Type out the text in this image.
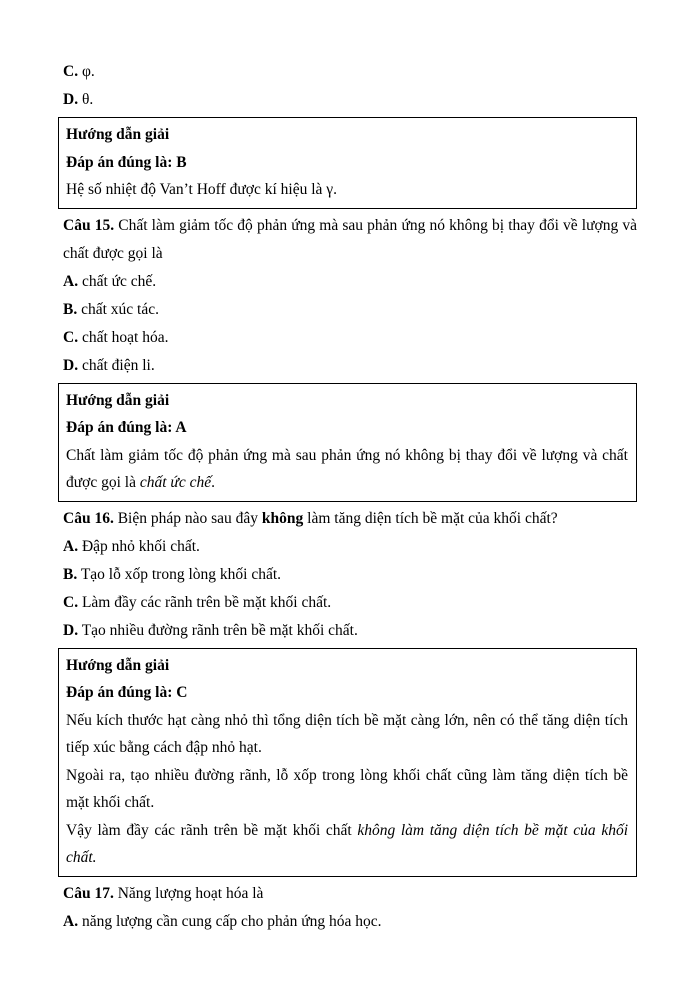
C. φ.

D. θ.

Hướng dẫn giải

Đáp án đúng là: B

Hệ số nhiệt độ Van’t Hoff được kí hiệu là γ.

Câu 15. Chất làm giảm tốc độ phản ứng mà sau phản ứng nó không bị thay đổi về lượng và chất được gọi là

A. chất ức chế.

B. chất xúc tác.

C. chất hoạt hóa.

D. chất điện li.

Hướng dẫn giải

Đáp án đúng là: A

Chất làm giảm tốc độ phản ứng mà sau phản ứng nó không bị thay đổi về lượng và chất được gọi là chất ức chế.

Câu 16. Biện pháp nào sau đây không làm tăng diện tích bề mặt của khối chất?

A. Đập nhỏ khối chất.

B. Tạo lỗ xốp trong lòng khối chất.

C. Làm đầy các rãnh trên bề mặt khối chất.

D. Tạo nhiều đường rãnh trên bề mặt khối chất.

Hướng dẫn giải

Đáp án đúng là: C

Nếu kích thước hạt càng nhỏ thì tổng diện tích bề mặt càng lớn, nên có thể tăng diện tích tiếp xúc bằng cách đập nhỏ hạt.

Ngoài ra, tạo nhiều đường rãnh, lỗ xốp trong lòng khối chất cũng làm tăng diện tích bề mặt khối chất.

Vậy làm đầy các rãnh trên bề mặt khối chất không làm tăng diện tích bề mặt của khối chất.

Câu 17. Năng lượng hoạt hóa là

A. năng lượng cần cung cấp cho phản ứng hóa học.
